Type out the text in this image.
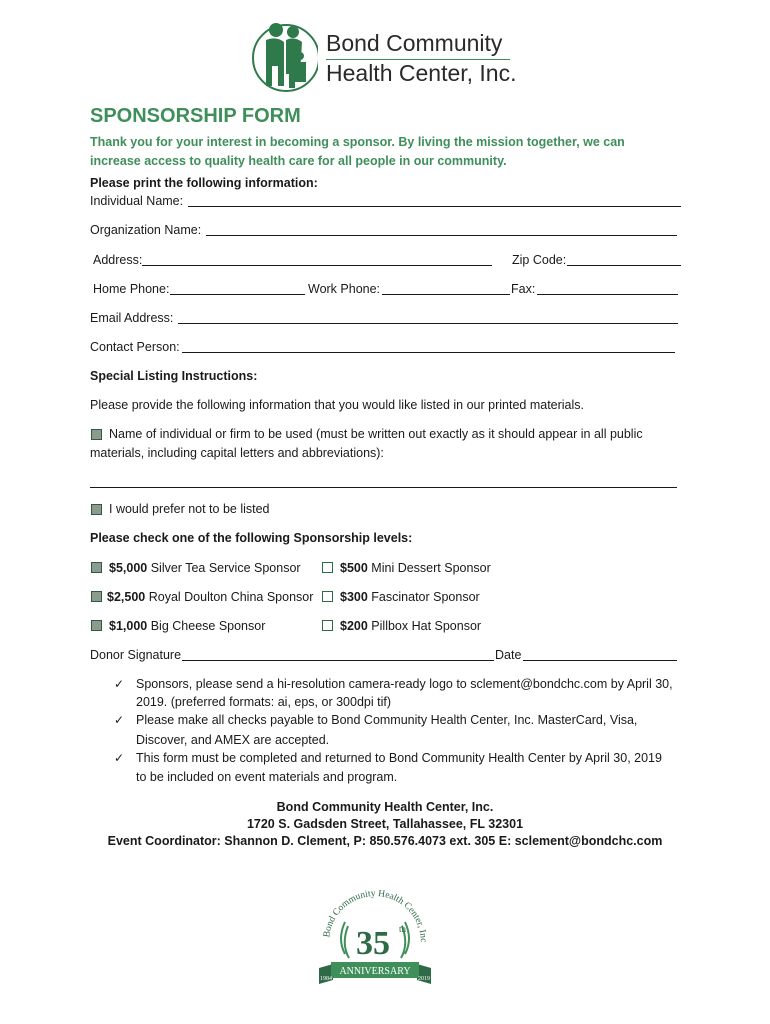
Bond Community
Health Center, Inc.
SPONSORSHIP FORM
Thank you for your interest in becoming a sponsor. By living the mission together, we can
increase access to quality health care for all people in our community.
Please print the following information:
Individual Name:
Organization Name:
Address:	Zip Code:
Home Phone:	Work Phone:	Fax:
Email Address:
Contact Person:
Special Listing Instructions:
Please provide the following information that you would like listed in our printed materials.
Name of individual or firm to be used (must be written out exactly as it should appear in all public
materials, including capital letters and abbreviations):
I would prefer not to be listed
Please check one of the following Sponsorship levels:
$5,000 Silver Tea Service Sponsor	$500 Mini Dessert Sponsor
$2,500 Royal Doulton China Sponsor $300 Fascinator Sponsor
$1,000 Big Cheese Sponsor	$200 Pillbox Hat Sponsor
Donor Signature	Date
✓ Sponsors, please send a hi-resolution camera-ready logo to sclement@bondchc.com by April 30,
2019. (preferred formats: ai, eps, or 300dpi tif)
✓ Please make all checks payable to Bond Community Health Center, Inc. MasterCard, Visa,
Discover, and AMEX are accepted.
✓ This form must be completed and returned to Bond Community Health Center by April 30, 2019
to be included on event materials and program.
Bond Community Health Center, Inc.
1720 S. Gadsden Street, Tallahassee, FL 32301
Event Coordinator: Shannon D. Clement, P: 850.576.4073 ext. 305 E: sclement@bondchc.com
Bond Community Health Center, Inc
35 th
ANNIVERSARY
1984	2019
